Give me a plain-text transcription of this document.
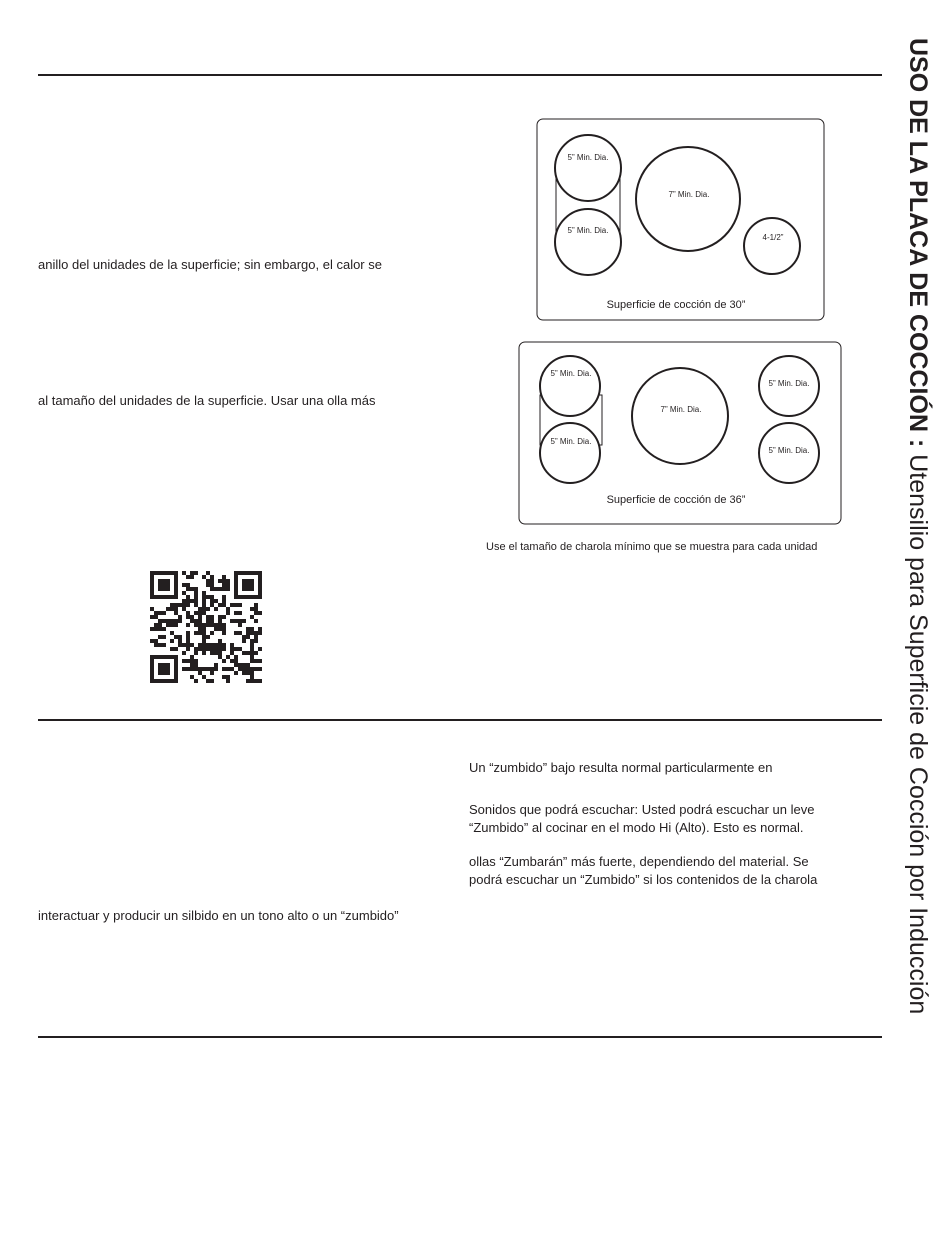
USO DE LA PLACA DE COCCIÓN : Utensilio para Superficie de Cocción por Inducción
anillo del unidades de la superficie; sin embargo, el calor se
al tamaño del unidades de la superficie. Usar una olla más
interactuar y producir un silbido en un tono alto o un “zumbido”
5” Min. Dia.
5” Min. Dia.
7” Min. Dia.
4-1/2”
Superficie de cocción de 30”
5” Min. Dia.
5” Min. Dia.
7” Min. Dia.
5” Min. Dia.
5” Min. Dia.
Superficie de cocción de 36”
Use el tamaño de charola mínimo que se muestra para cada unidad
Un “zumbido” bajo resulta normal particularmente en
Sonidos que podrá escuchar: Usted podrá escuchar un leve
“Zumbido” al cocinar en el modo Hi (Alto). Esto es normal.
ollas “Zumbarán” más fuerte, dependiendo del material. Se
podrá escuchar un “Zumbido” si los contenidos de la charola
